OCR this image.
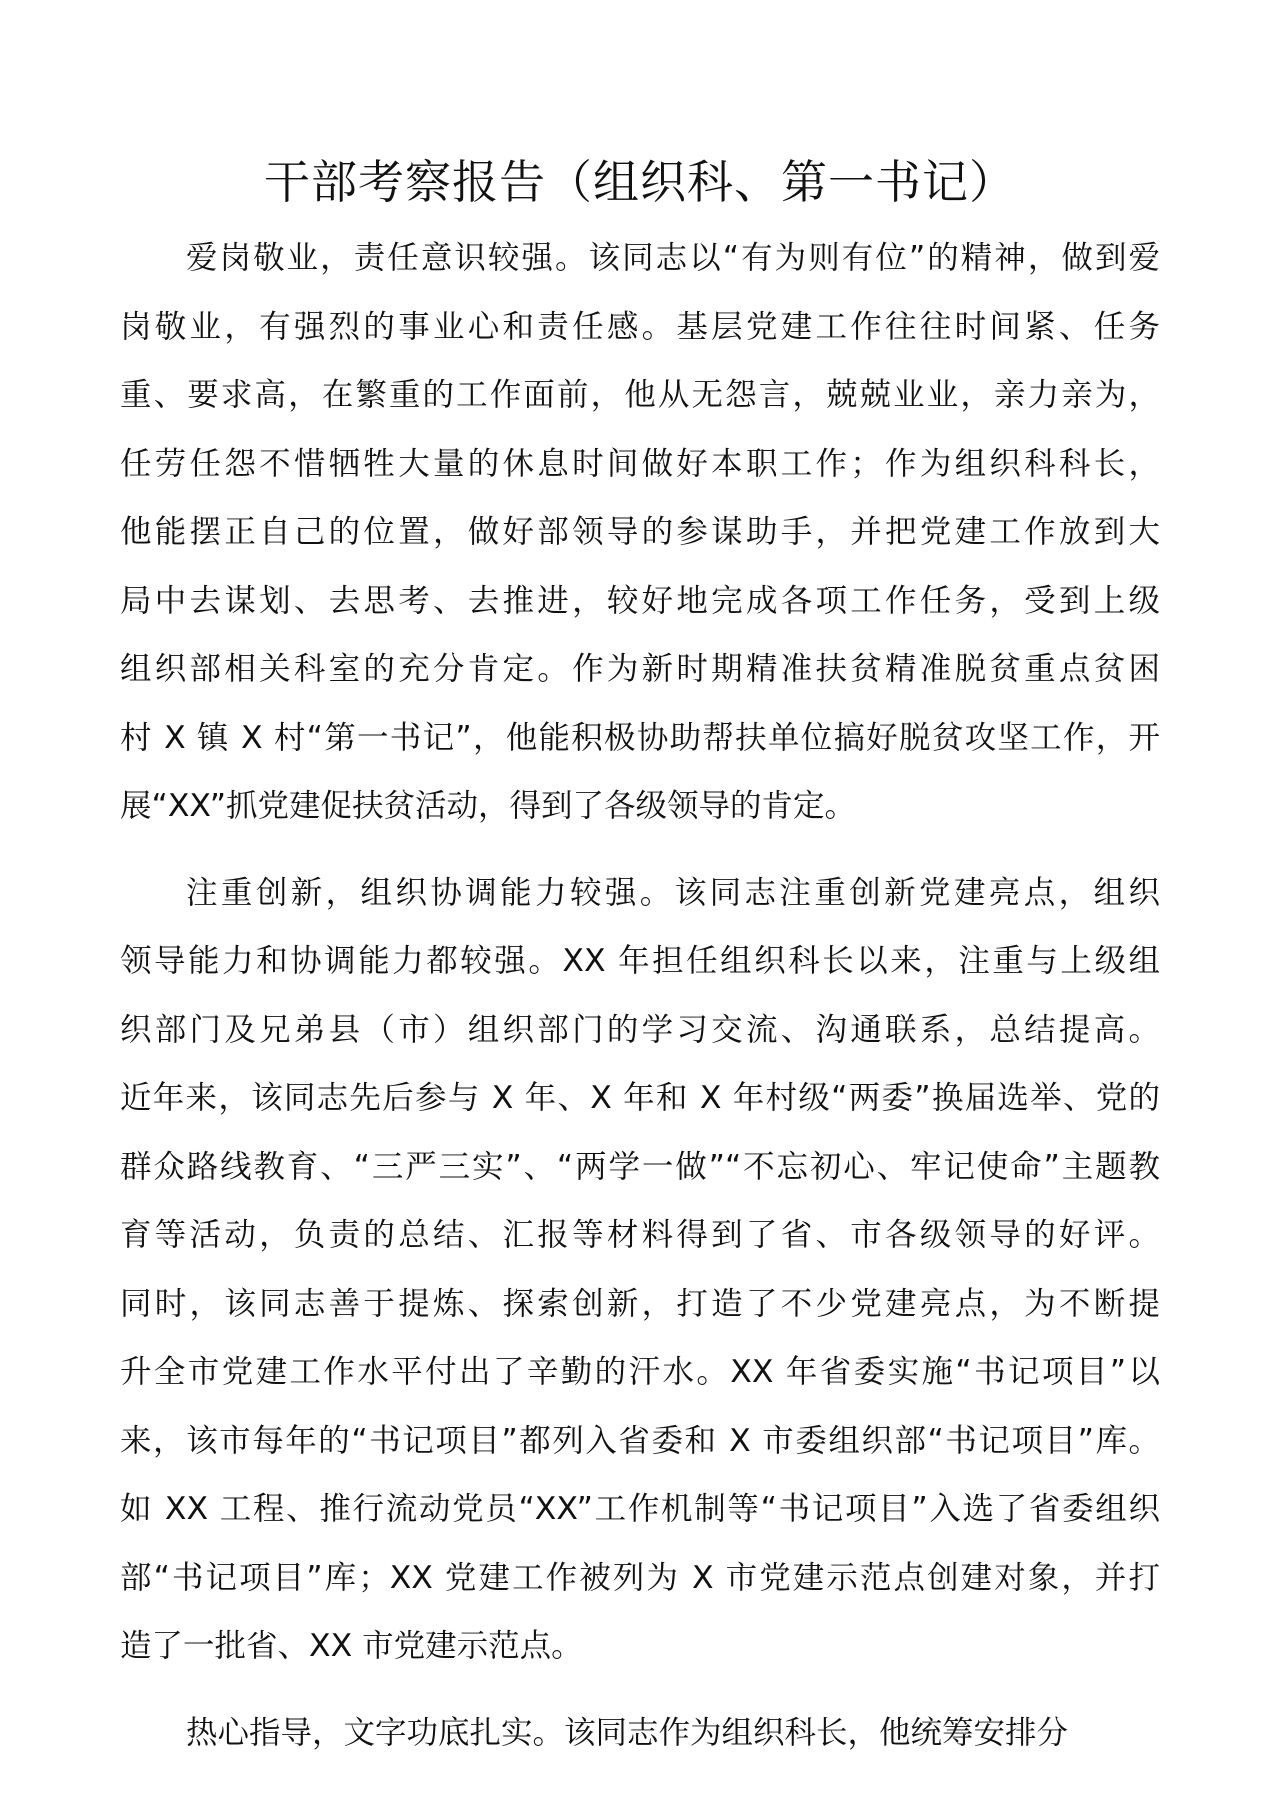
干部考察报告（组织科、第一书记）

爱岗敬业，责任意识较强。该同志以“有为则有位”的精神，做到爱
岗敬业，有强烈的事业心和责任感。基层党建工作往往时间紧、任务
重、要求高，在繁重的工作面前，他从无怨言，兢兢业业，亲力亲为，
任劳任怨不惜牺牲大量的休息时间做好本职工作；作为组织科科长，
他能摆正自己的位置，做好部领导的参谋助手，并把党建工作放到大
局中去谋划、去思考、去推进，较好地完成各项工作任务，受到上级
组织部相关科室的充分肯定。作为新时期精准扶贫精准脱贫重点贫困
村 X 镇 X 村“第一书记”，他能积极协助帮扶单位搞好脱贫攻坚工作，开
展“XX”抓党建促扶贫活动，得到了各级领导的肯定。

注重创新，组织协调能力较强。该同志注重创新党建亮点，组织
领导能力和协调能力都较强。XX 年担任组织科长以来，注重与上级组
织部门及兄弟县（市）组织部门的学习交流、沟通联系，总结提高。
近年来，该同志先后参与 X 年、X 年和 X 年村级“两委”换届选举、党的
群众路线教育、“三严三实”、“两学一做”“不忘初心、牢记使命”主题教
育等活动，负责的总结、汇报等材料得到了省、市各级领导的好评。
同时，该同志善于提炼、探索创新，打造了不少党建亮点，为不断提
升全市党建工作水平付出了辛勤的汗水。XX 年省委实施“书记项目”以
来，该市每年的“书记项目”都列入省委和 X 市委组织部“书记项目”库。
如 XX 工程、推行流动党员“XX”工作机制等“书记项目”入选了省委组织
部“书记项目”库；XX 党建工作被列为 X 市党建示范点创建对象，并打
造了一批省、XX 市党建示范点。

热心指导，文字功底扎实。该同志作为组织科长，他统筹安排分
